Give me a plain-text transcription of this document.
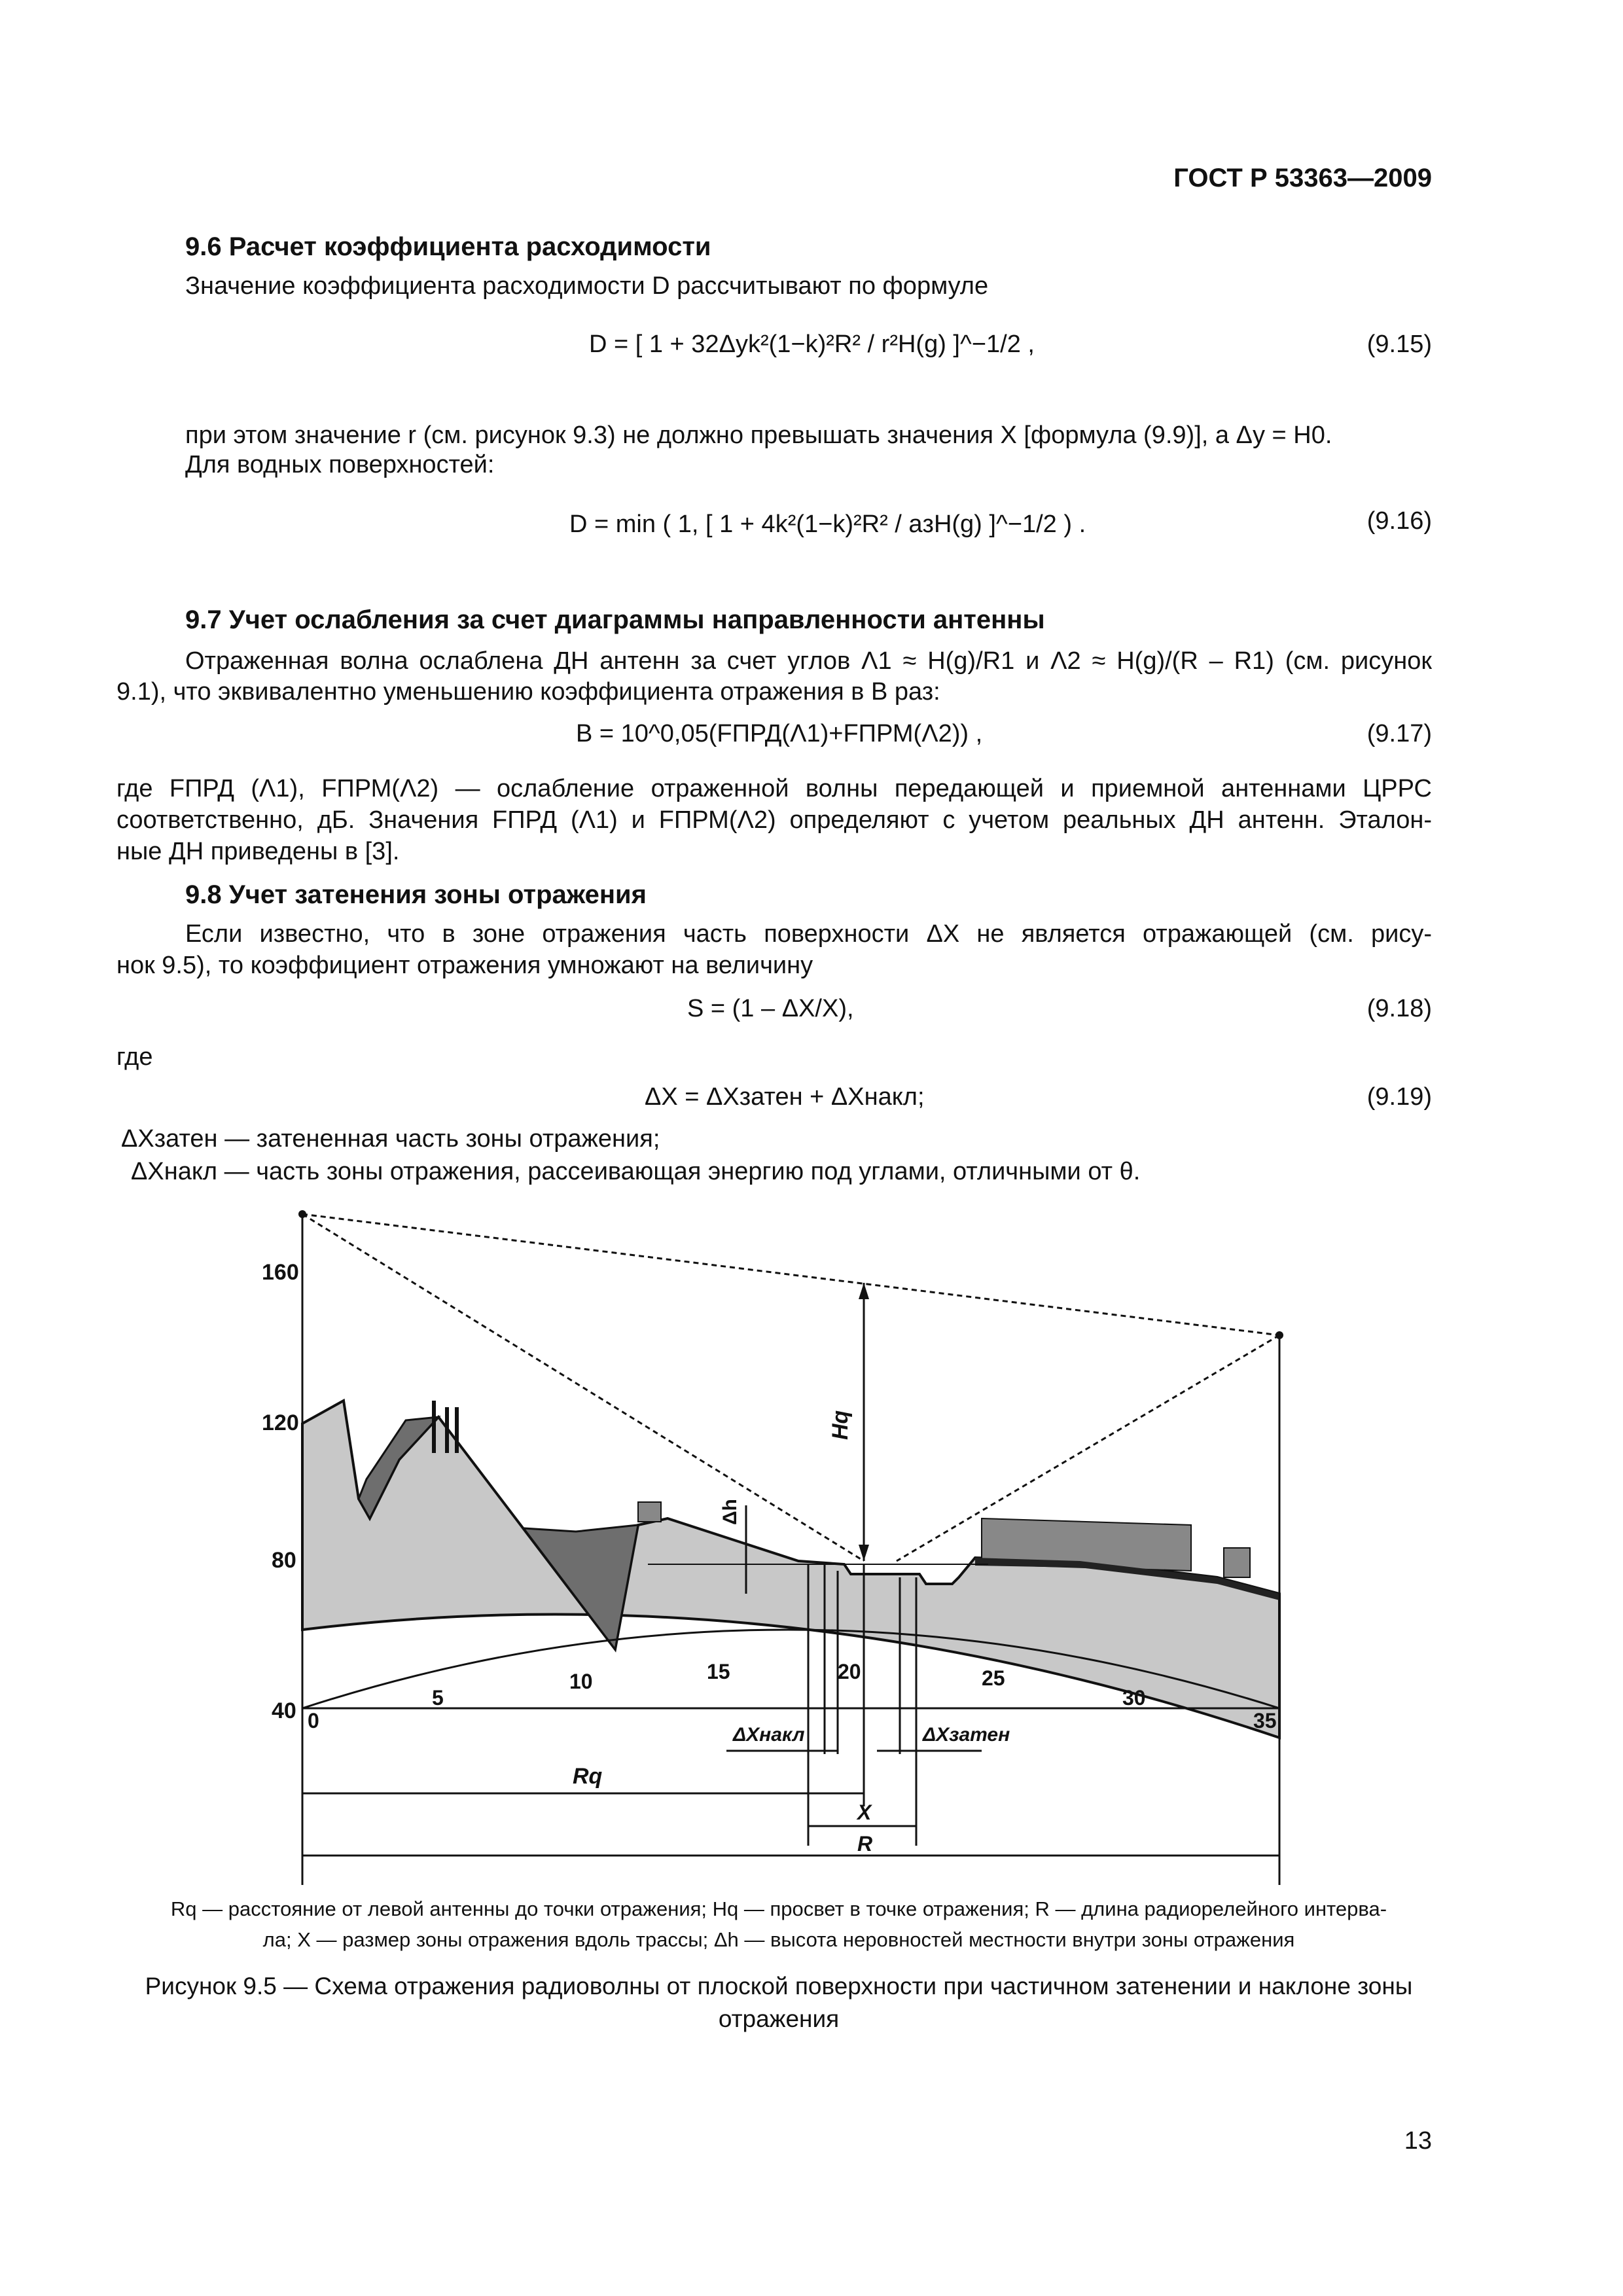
ГОСТ Р 53363—2009
9.6 Расчет коэффициента расходимости
Значение коэффициента расходимости D рассчитывают по формуле
D = [ 1 + 32Δyk²(1−k)²R² / r²H(g) ]^−1/2 ,	(9.15)
при этом значение r (см. рисунок 9.3) не должно превышать значения X [формула (9.9)], а Δy = H0.
Для водных поверхностей:
D = min ( 1, [ 1 + 4k²(1−k)²R² / aзH(g) ]^−1/2 ) .	(9.16)
9.7 Учет ослабления за счет диаграммы направленности антенны
Отраженная волна ослаблена ДН антенн за счет углов Λ1 ≈ H(g)/R1 и Λ2 ≈ H(g)/(R – R1) (см. рисунок
9.1), что эквивалентно уменьшению коэффициента отражения в B раз:
B = 10^0,05(FПРД(Λ1)+FПРМ(Λ2)) ,	(9.17)
где FПРД (Λ1), FПРМ(Λ2) — ослабление отраженной волны передающей и приемной антеннами ЦРРС
соответственно, дБ. Значения FПРД (Λ1) и FПРМ(Λ2) определяют с учетом реальных ДН антенн. Эталон-
ные ДН приведены в [3].
9.8 Учет затенения зоны отражения
Если известно, что в зоне отражения часть поверхности ΔX не является отражающей (см. рису-
нок 9.5), то коэффициент отражения умножают на величину
S = (1 – ΔX/X),	(9.18)
где
ΔX = ΔXзатен + ΔXнакл;	(9.19)
ΔXзатен — затененная часть зоны отражения;
ΔXнакл — часть зоны отражения, рассеивающая энергию под углами, отличными от θ.
160
120
80
40 0
5
10	15	20	25
30
35
Hq
Δh
ΔXнакл	ΔXзатен
Rq
X
R
Rq — расстояние от левой антенны до точки отражения; Hq — просвет в точке отражения; R — длина радиорелейного интерва-
ла; X — размер зоны отражения вдоль трассы; Δh — высота неровностей местности внутри зоны отражения
Рисунок 9.5 — Схема отражения радиоволны от плоской поверхности при частичном затенении и наклоне зоны
отражения
13
